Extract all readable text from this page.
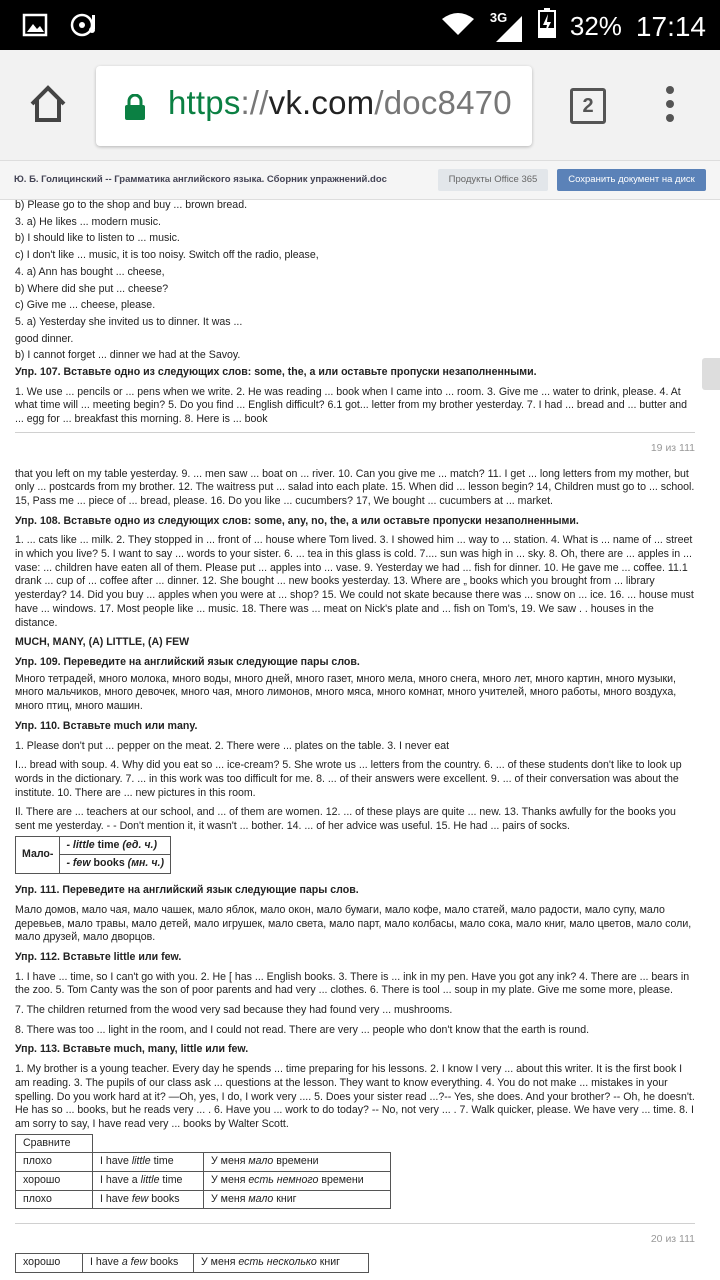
3G 32% 17:14
https://vk.com/doc8470	2
Ю. Б. Голицинский -- Грамматика английского языка. Сборник упражнений.doc	Продукты Office 365	Сохранить документ на диск

b) Please go to the shop and buy ... brown bread.

3. a) He likes ... modern music.

b) I should like to listen to ... music.

c) I don't like ... music, it is too noisy. Switch off the radio, please,

4. a) Ann has bought ... cheese,

b) Where did she put ... cheese?

c) Give me ... cheese, please.

5. a) Yesterday she invited us to dinner. It was ...

good dinner.

b) I cannot forget ... dinner we had at the Savoy.

Упр. 107. Вставьте одно из следующих слов: some, the, a или оставьте пропуски незаполненными.

1. We use ... pencils or ... pens when we write. 2. He was reading ... book when I came into ... room. 3. Give me ... water to drink, please. 4. At what time will ... meeting begin? 5. Do you find ... English difficult? 6.1 got... letter from my brother yesterday. 7. I had ... bread and ... butter and ... egg for ... breakfast this morning. 8. Here is ... book

19 из 111

that you left on my table yesterday. 9. ... men saw ... boat on ... river. 10. Can you give me ... match? 11. I get ... long letters from my mother, but only ... postcards from my brother. 12. The waitress put ... salad into each plate. 15. When did ... lesson begin? 14, Children must go to ... school. 15, Pass me ... piece of ... bread, please. 16. Do you like ... cucumbers? 17, We bought ... cucumbers at ... market.

Упр. 108. Вставьте одно из следующих слов: some, any, no, the, a или оставьте пропуски незаполненными.

1. ... cats like ... milk. 2. They stopped in ... front of ... house where Tom lived. 3. I showed him ... way to ... station. 4. What is ... name of ... street in which you live? 5. I want to say ... words to your sister. 6. ... tea in this glass is cold. 7.... sun was high in ... sky. 8. Oh, there are ... apples in ... vase: ... children have eaten all of them. Please put ... apples into ... vase. 9. Yesterday we had ... fish for dinner. 10. He gave me ... coffee. 11.1 drank ... cup of ... coffee after ... dinner. 12. She bought ... new books yesterday. 13. Where are „ books which you brought from ... library yesterday? 14. Did you buy ... apples when you were at ... shop? 15. We could not skate because there was ... snow on ... ice. 16. ... house must have ... windows. 17. Most people like ... music. 18. There was ... meat on Nick's plate and ... fish on Tom's, 19. We saw . . houses in the distance.

MUCH, MANY, (A) LITTLE, (A) FEW

Упр. 109. Переведите на английский язык следующие пары слов.

Много тетрадей, много молока, много воды, много дней, много газет, много мела, много снега, много лет, много картин, много музыки, много мальчиков, много девочек, много чая, много лимонов, много мяса, много комнат, много учителей, много работы, много воздуха, много птиц, много машин.

Упр. 110. Вставьте much или many.

1. Please don't put ... pepper on the meat. 2. There were ... plates on the table. 3. I never eat

I... bread with soup. 4. Why did you eat so ... ice-cream? 5. She wrote us ... letters from the country. 6. ... of these students don't like to look up words in the dictionary. 7. ... in this work was too difficult for me. 8. ... of their answers were excellent. 9. ... of their conversation was about the institute. 10. There are ... new pictures in this room.

Il. There are ... teachers at our school, and ... of them are women. 12. ... of these plays are quite ... new. 13. Thanks awfully for the books you sent me yesterday. - - Don't mention it, it wasn't ... bother. 14. ... of her advice was useful. 15. He had ... pairs of socks.

Мало-	- little time (ед. ч.)
- few books (мн. ч.)

Упр. 111. Переведите на английский язык следующие пары слов.

Мало домов, мало чая, мало чашек, мало яблок, мало окон, мало бумаги, мало кофе, мало статей, мало радости, мало супу, мало деревьев, мало травы, мало детей, мало игрушек, мало света, мало парт, мало колбасы, мало сока, мало книг, мало цветов, мало соли, мало друзей, мало дворцов.

Упр. 112. Вставьте little или few.

1. I have ... time, so I can't go with you. 2. He [ has ... English books. 3. There is ... ink in my pen. Have you got any ink? 4. There are ... bears in the zoo. 5. Tom Canty was the son of poor parents and had very ... clothes. 6. There is tool ... soup in my plate. Give me some more, please.

7. The children returned from the wood very sad because they had found very ... mushrooms.

8. There was too ... light in the room, and I could not read. There are very ... people who don't know that the earth is round.

Упр. 113. Вставьте much, many, little или few.

1. My brother is a young teacher. Every day he spends ... time preparing for his lessons. 2. I know I very ... about this writer. It is the first book I am reading. 3. The pupils of our class ask ... questions at the lesson. They want to know everything. 4. You do not make ... mistakes in your spelling. Do you work hard at it? —Oh, yes, I do, I work very .... 5. Does your sister read ...?-- Yes, she does. And your brother? -- Oh, he doesn't. He has so ... books, but he reads very ... . 6. Have you ... work to do today? -- No, not very ... . 7. Walk quicker, please. We have very ... time. 8. I am sorry to say, I have read very ... books by Walter Scott.

Сравните		
плохо	I have little time	У меня мало времени
хорошо	I have a little time	У меня есть немного времени
плохо	I have few books	У меня мало книг

20 из 111

хорошо	I have a few books	У меня есть несколько книг
